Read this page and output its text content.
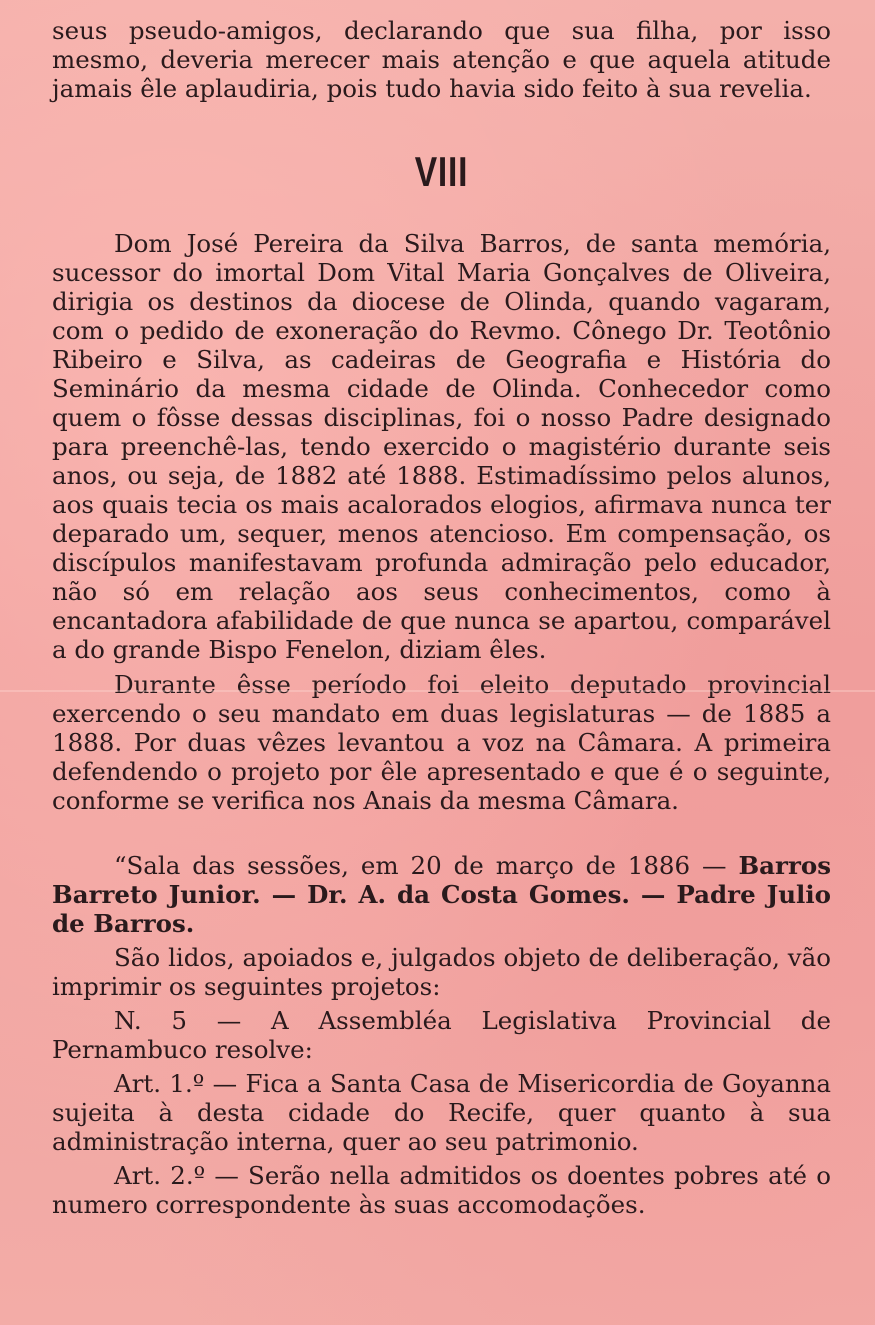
seus pseudo-amigos, declarando que sua filha, por isso mesmo, deveria merecer mais atenção e que aquela atitude jamais êle aplaudiria, pois tudo havia sido feito à sua revelia.

VIII

Dom José Pereira da Silva Barros, de santa memória, sucessor do imortal Dom Vital Maria Gonçalves de Oliveira, dirigia os destinos da diocese de Olinda, quando vagaram, com o pedido de exoneração do Revmo. Cônego Dr. Teotônio Ribeiro e Silva, as cadeiras de Geografia e História do Seminário da mesma cidade de Olinda. Conhecedor como quem o fôsse dessas disciplinas, foi o nosso Padre designado para preenchê-las, tendo exercido o magistério durante seis anos, ou seja, de 1882 até 1888. Estimadíssimo pelos alunos, aos quais tecia os mais acalorados elogios, afirmava nunca ter deparado um, sequer, menos atencioso. Em compensação, os discípulos manifestavam profunda admiração pelo educador, não só em relação aos seus conhecimentos, como à encantadora afabilidade de que nunca se apartou, comparável a do grande Bispo Fenelon, diziam êles.

Durante êsse período foi eleito deputado provincial exercendo o seu mandato em duas legislaturas — de 1885 a 1888. Por duas vêzes levantou a voz na Câmara. A primeira defendendo o projeto por êle apresentado e que é o seguinte, conforme se verifica nos Anais da mesma Câmara.

“Sala das sessões, em 20 de março de 1886 — Barros Barreto Junior. — Dr. A. da Costa Gomes. — Padre Julio de Barros.

São lidos, apoiados e, julgados objeto de deliberação, vão imprimir os seguintes projetos:

N. 5 — A Assembléa Legislativa Provincial de Pernambuco resolve:

Art. 1.º — Fica a Santa Casa de Misericordia de Goyanna sujeita à desta cidade do Recife, quer quanto à sua administração interna, quer ao seu patrimonio.

Art. 2.º — Serão nella admitidos os doentes pobres até o numero correspondente às suas accomodações.
